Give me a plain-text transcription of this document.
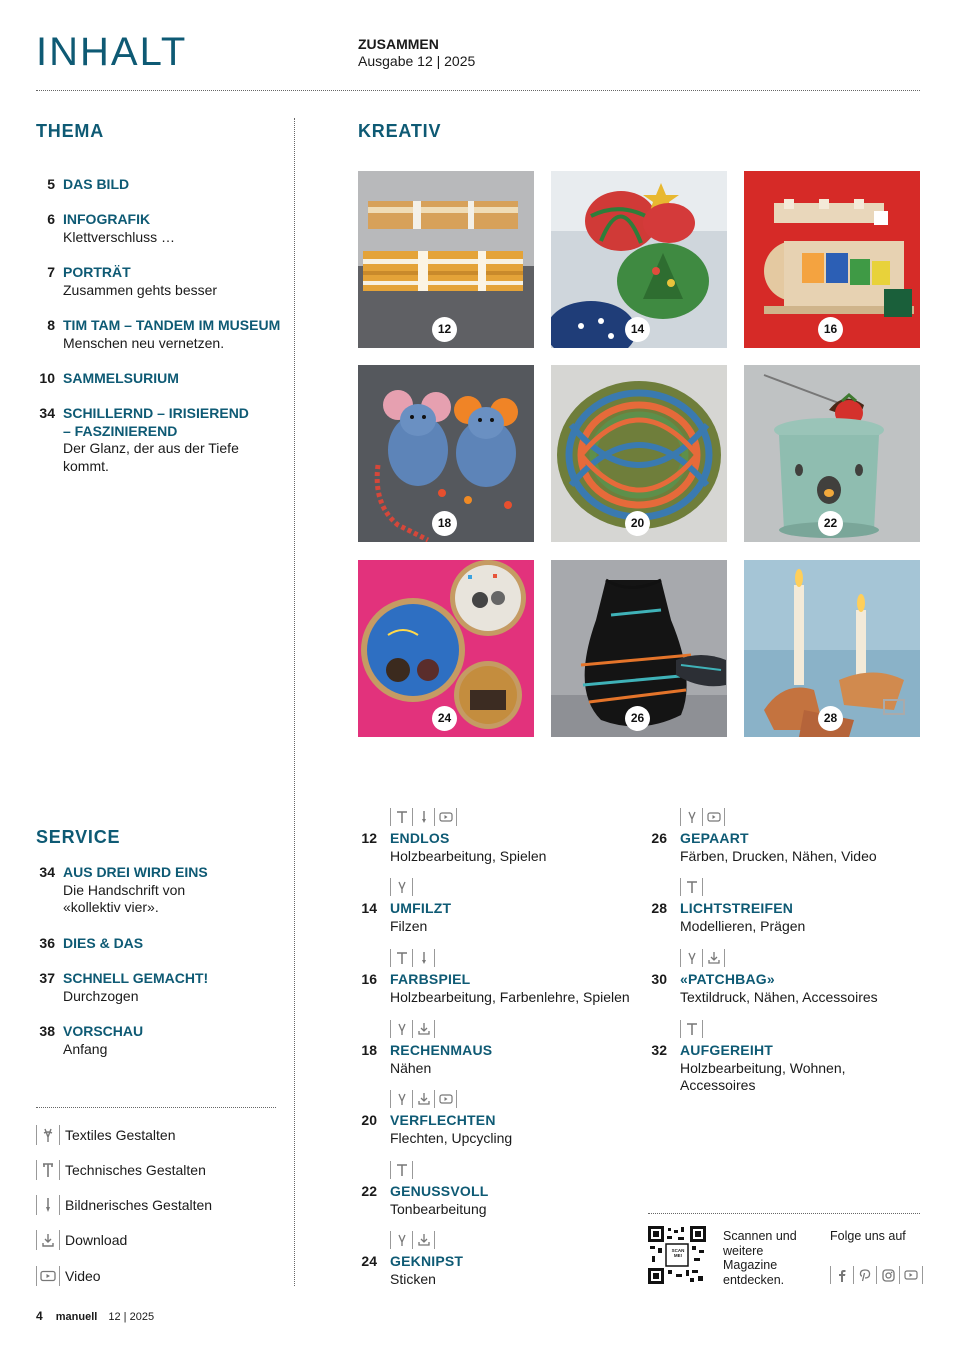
INHALT	ZUSAMMEN
Ausgabe 12 | 2025
THEMA
5 DAS BILD
6 INFOGRAFIK
Klettverschluss …
7 PORTRÄT
Zusammen gehts besser
8 TIM TAM – TANDEM IM MUSEUM
Menschen neu vernetzen.
10 SAMMELSURIUM
34 SCHILLERND – IRISIEREND – FASZINIEREND
Der Glanz, der aus der Tiefe kommt.
SERVICE
34 AUS DREI WIRD EINS
Die Handschrift von «kollektiv vier».
36 DIES & DAS
37 SCHNELL GEMACHT!
Durchzogen
38 VORSCHAU
Anfang
Textiles Gestalten
Technisches Gestalten
Bildnerisches Gestalten
Download
Video
KREATIV
12	14	16
18	20	22
24	26	28
12 ENDLOS
Holzbearbeitung, Spielen
14 UMFILZT
Filzen
16 FARBSPIEL
Holzbearbeitung, Farbenlehre, Spielen
18 RECHENMAUS
Nähen
20 VERFLECHTEN
Flechten, Upcycling
22 GENUSSVOLL
Tonbearbeitung
24 GEKNIPST
Sticken
26 GEPAART
Färben, Drucken, Nähen, Video
28 LICHTSTREIFEN
Modellieren, Prägen
30 «PATCHBAG»
Textildruck, Nähen, Accessoires
32 AUFGEREIHT
Holzbearbeitung, Wohnen, Accessoires
SCAN ME!
Scannen und weitere Magazine entdecken.
Folge uns auf
4 manuell 12 | 2025
